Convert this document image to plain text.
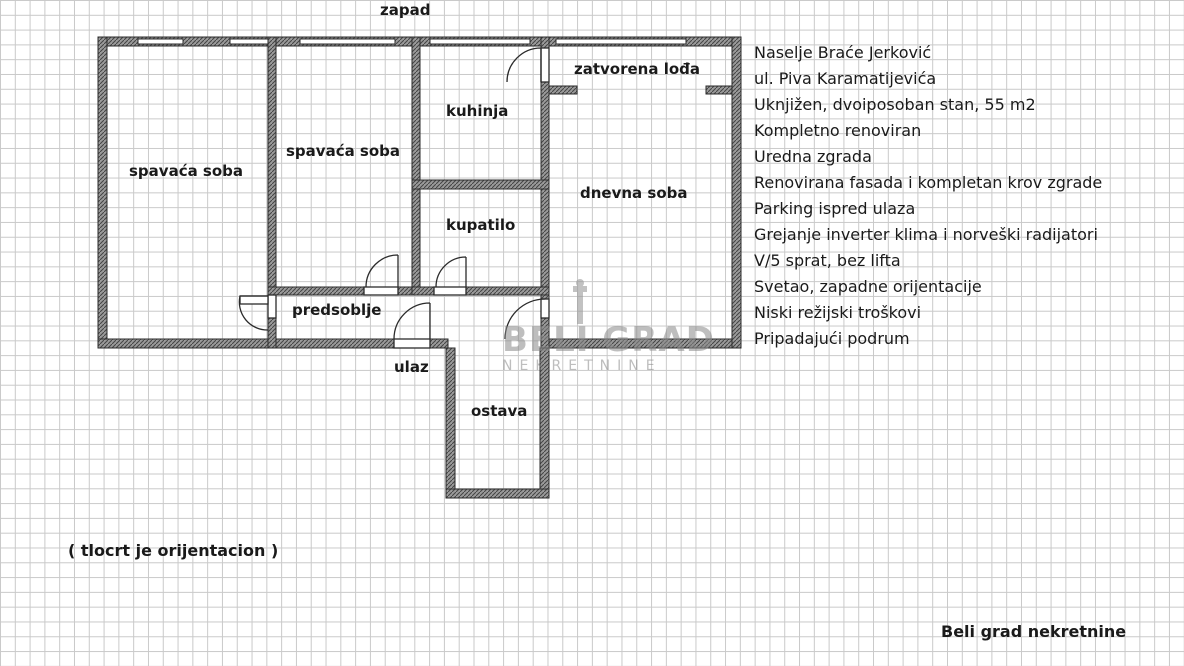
zapad
spavaća soba
spavaća soba
kuhinja
kupatilo
zatvorena lođa
dnevna soba
predsoblje
ulaz
ostava
BELI GRAD
NEKRETNINE
Naselje Braće Jerković
ul. Piva Karamatijevića
Uknjižen, dvoiposoban stan, 55 m2
Kompletno renoviran
Uredna zgrada
Renovirana fasada i kompletan krov zgrade
Parking ispred ulaza
Grejanje inverter klima i norveški radijatori
V/5 sprat, bez lifta
Svetao, zapadne orijentacije
Niski režijski troškovi
Pripadajući podrum
( tlocrt je orijentacion )
Beli grad nekretnine
